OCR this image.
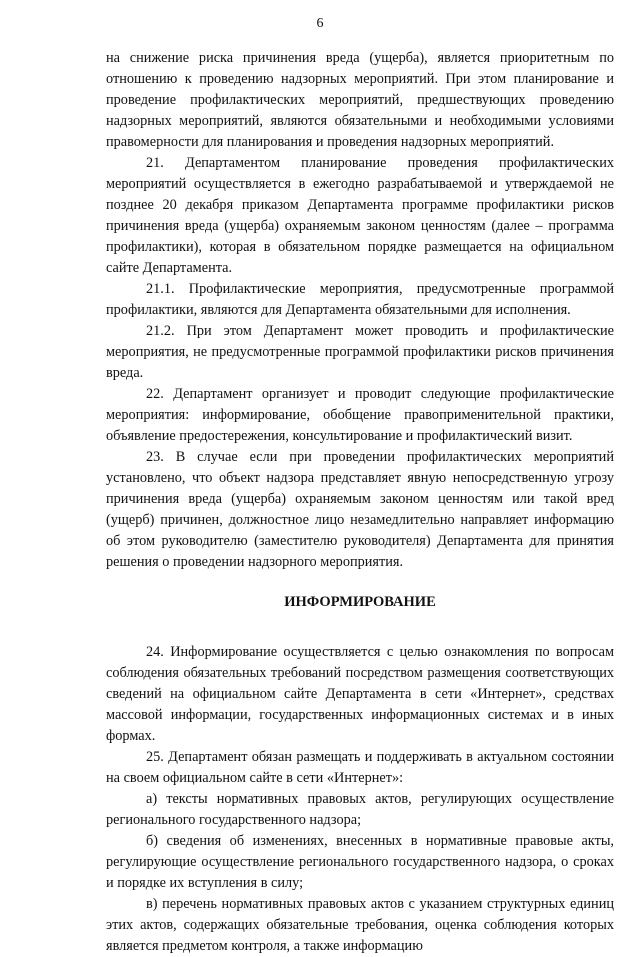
6

на снижение риска причинения вреда (ущерба), является приоритетным по отношению к проведению надзорных мероприятий. При этом планирование и проведение профилактических мероприятий, предшествующих проведению надзорных мероприятий, являются обязательными и необходимыми условиями правомерности для планирования и проведения надзорных мероприятий.

21. Департаментом планирование проведения профилактических мероприятий осуществляется в ежегодно разрабатываемой и утверждаемой не позднее 20 декабря приказом Департамента программе профилактики рисков причинения вреда (ущерба) охраняемым законом ценностям (далее – программа профилактики), которая в обязательном порядке размещается на официальном сайте Департамента.

21.1. Профилактические мероприятия, предусмотренные программой профилактики, являются для Департамента обязательными для исполнения.

21.2. При этом Департамент может проводить и профилактические мероприятия, не предусмотренные программой профилактики рисков причинения вреда.

22. Департамент организует и проводит следующие профилактические мероприятия: информирование, обобщение правоприменительной практики, объявление предостережения, консультирование и профилактический визит.

23. В случае если при проведении профилактических мероприятий установлено, что объект надзора представляет явную непосредственную угрозу причинения вреда (ущерба) охраняемым законом ценностям или такой вред (ущерб) причинен, должностное лицо незамедлительно направляет информацию об этом руководителю (заместителю руководителя) Департамента для принятия решения о проведении надзорного мероприятия.

ИНФОРМИРОВАНИЕ

24. Информирование осуществляется с целью ознакомления по вопросам соблюдения обязательных требований посредством размещения соответствующих сведений на официальном сайте Департамента в сети «Интернет», средствах массовой информации, государственных информационных системах и в иных формах.

25. Департамент обязан размещать и поддерживать в актуальном состоянии на своем официальном сайте в сети «Интернет»:

а) тексты нормативных правовых актов, регулирующих осуществление регионального государственного надзора;

б) сведения об изменениях, внесенных в нормативные правовые акты, регулирующие осуществление регионального государственного надзора, о сроках и порядке их вступления в силу;

в) перечень нормативных правовых актов с указанием структурных единиц этих актов, содержащих обязательные требования, оценка соблюдения которых является предметом контроля, а также информацию
